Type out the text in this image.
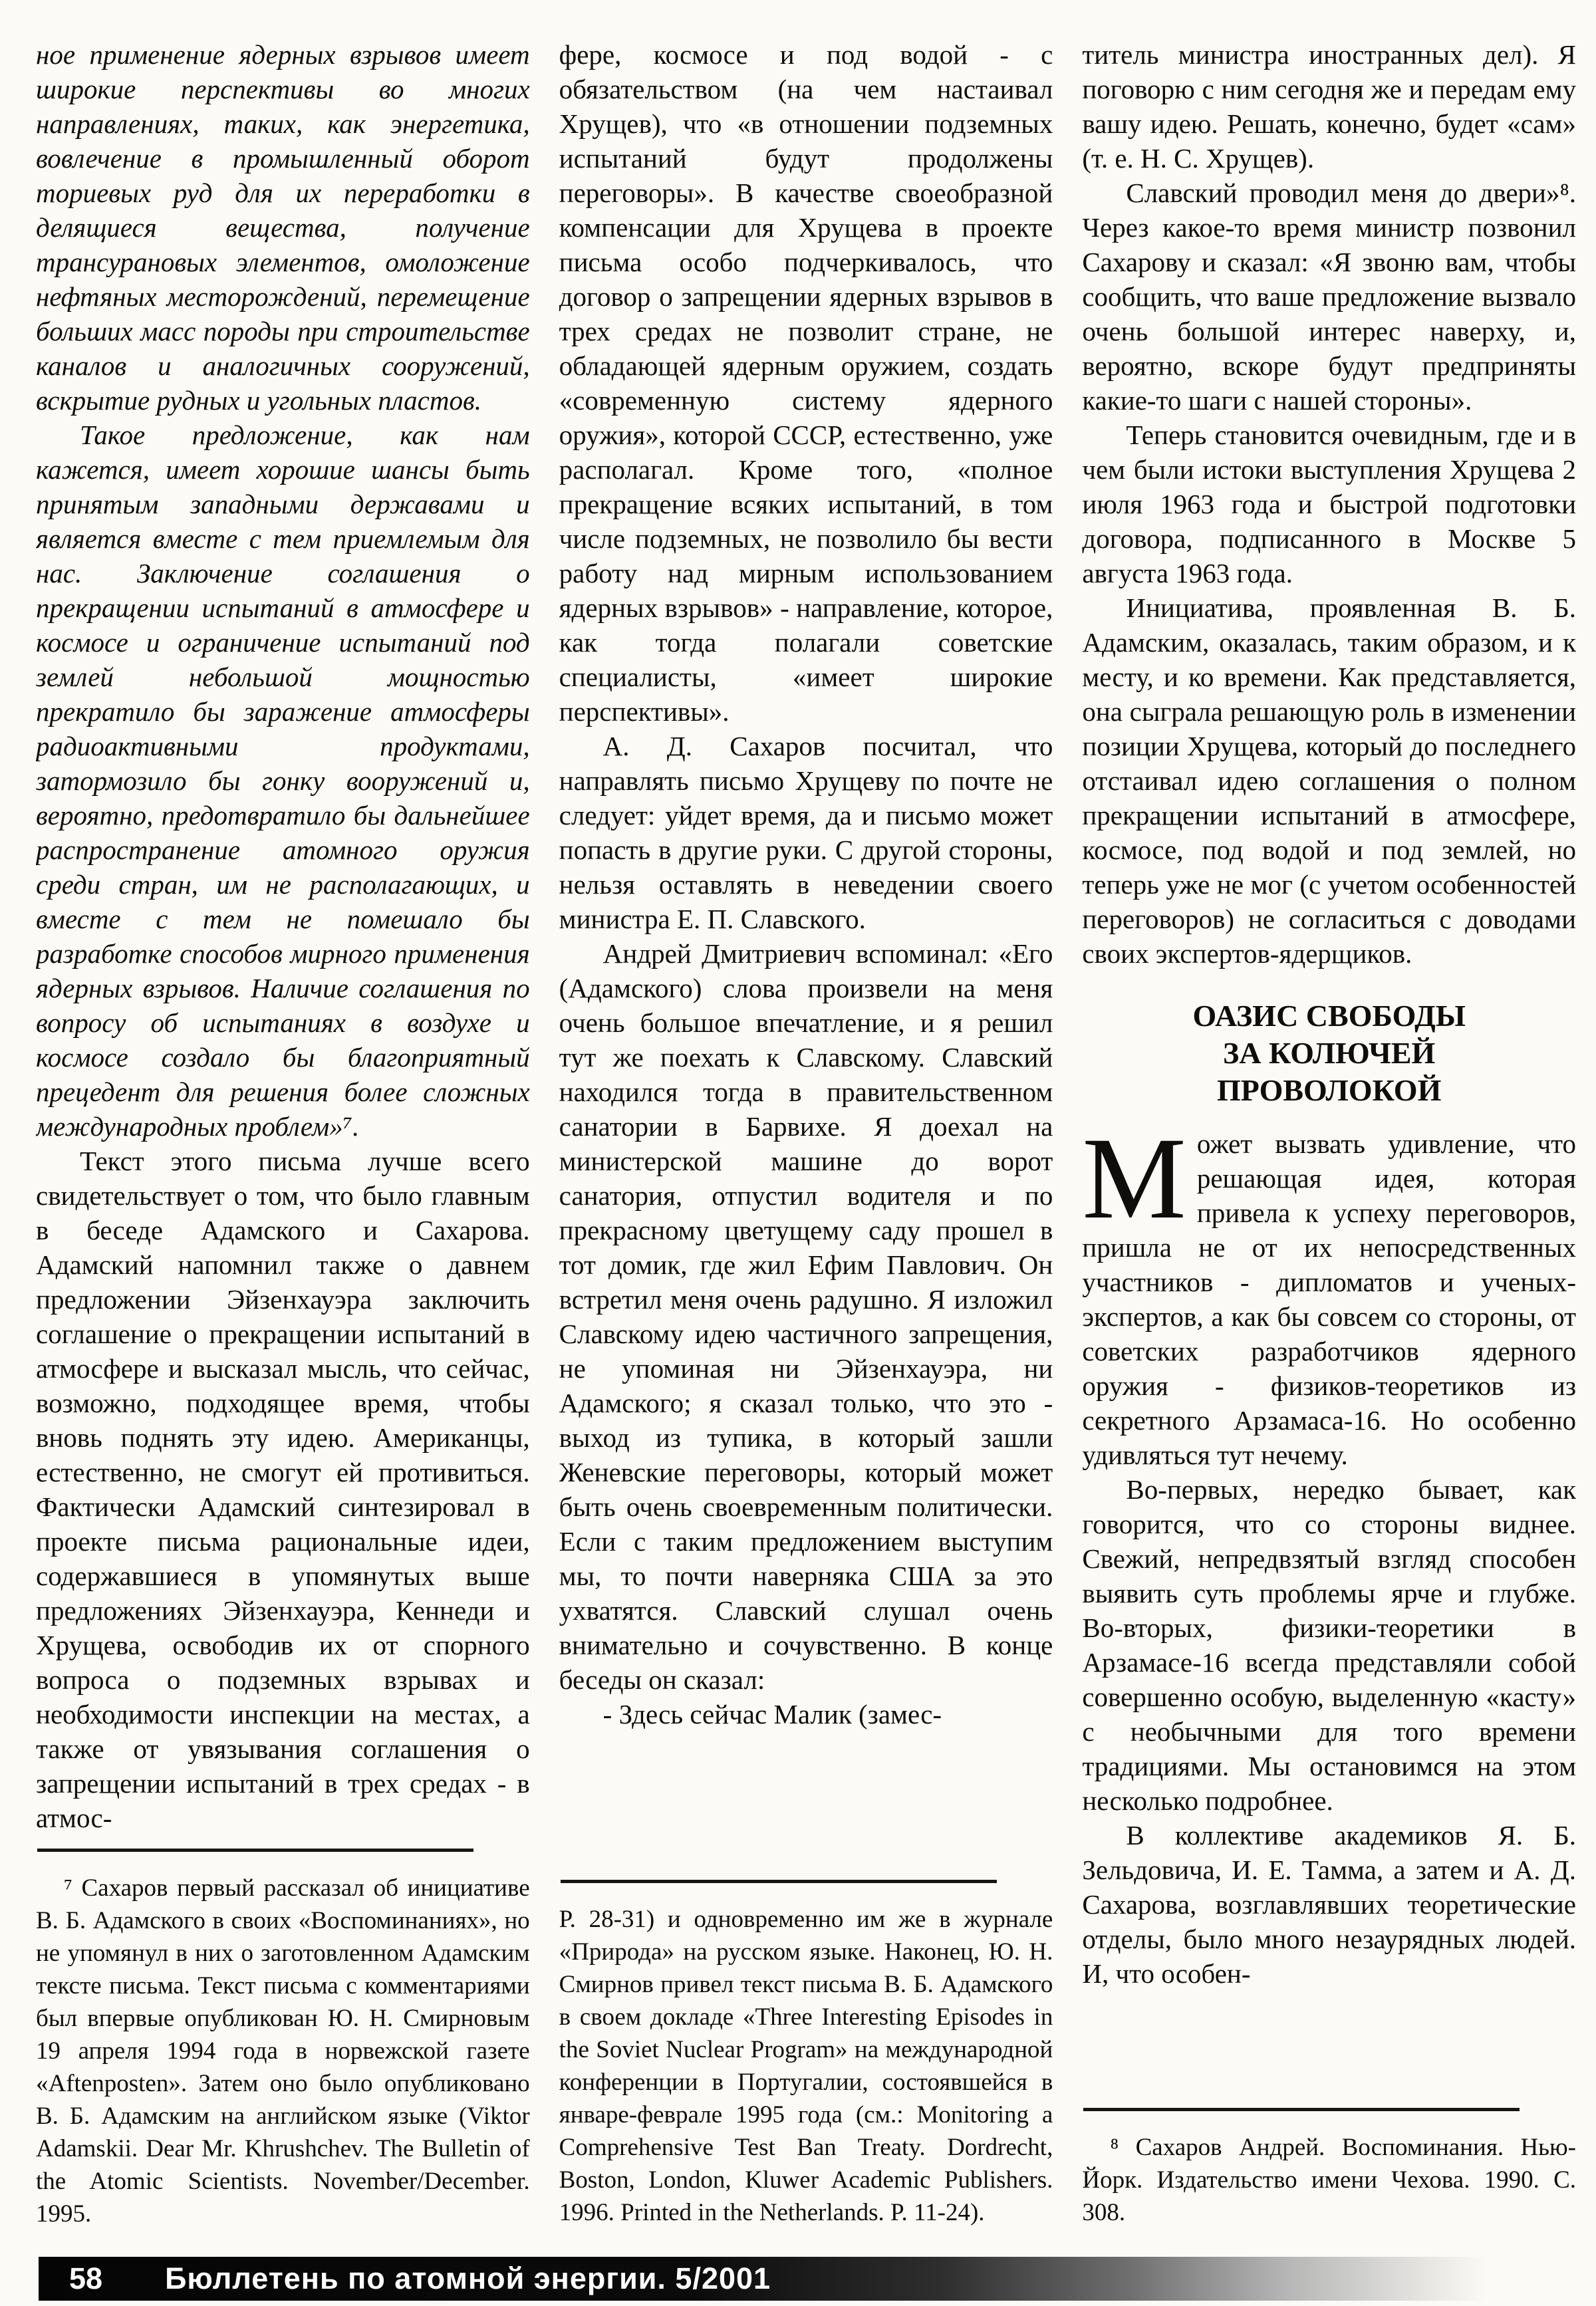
ное применение ядерных взрывов имеет широкие перспективы во многих направлениях, таких, как энергетика, вовлечение в промышленный оборот ториевых руд для их переработки в делящиеся вещества, получение трансурановых элементов, омоложение нефтяных месторождений, перемещение больших масс породы при строительстве каналов и аналогичных сооружений, вскрытие рудных и угольных пластов.

Такое предложение, как нам кажется, имеет хорошие шансы быть принятым западными державами и является вместе с тем приемлемым для нас. Заключение соглашения о прекращении испытаний в атмосфере и космосе и ограничение испытаний под землей небольшой мощностью прекратило бы заражение атмосферы радиоактивными продуктами, затормозило бы гонку вооружений и, вероятно, предотвратило бы дальнейшее распространение атомного оружия среди стран, им не располагающих, и вместе с тем не помешало бы разработке способов мирного применения ядерных взрывов. Наличие соглашения по вопросу об испытаниях в воздухе и космосе создало бы благоприятный прецедент для решения более сложных международных проблем»⁷.

Текст этого письма лучше всего свидетельствует о том, что было главным в беседе Адамского и Сахарова. Адамский напомнил также о давнем предложении Эйзенхауэра заключить соглашение о прекращении испытаний в атмосфере и высказал мысль, что сейчас, возможно, подходящее время, чтобы вновь поднять эту идею. Американцы, естественно, не смогут ей противиться. Фактически Адамский синтезировал в проекте письма рациональные идеи, содержавшиеся в упомянутых выше предложениях Эйзенхауэра, Кеннеди и Хрущева, освободив их от спорного вопроса о подземных взрывах и необходимости инспекции на местах, а также от увязывания соглашения о запрещении испытаний в трех средах - в атмос-

⁷ Сахаров первый рассказал об инициативе В. Б. Адамского в своих «Воспоминаниях», но не упомянул в них о заготовленном Адамским тексте письма. Текст письма с комментариями был впервые опубликован Ю. Н. Смирновым 19 апреля 1994 года в норвежской газете «Aftenposten». Затем оно было опубликовано В. Б. Адамским на английском языке (Viktor Adamskii. Dear Mr. Khrushchev. The Bulletin of the Atomic Scientists. November/December. 1995.

фере, космосе и под водой - с обязательством (на чем настаивал Хрущев), что «в отношении подземных испытаний будут продолжены переговоры». В качестве своеобразной компенсации для Хрущева в проекте письма особо подчеркивалось, что договор о запрещении ядерных взрывов в трех средах не позволит стране, не обладающей ядерным оружием, создать «современную систему ядерного оружия», которой СССР, естественно, уже располагал. Кроме того, «полное прекращение всяких испытаний, в том числе подземных, не позволило бы вести работу над мирным использованием ядерных взрывов» - направление, которое, как тогда полагали советские специалисты, «имеет широкие перспективы».

А. Д. Сахаров посчитал, что направлять письмо Хрущеву по почте не следует: уйдет время, да и письмо может попасть в другие руки. С другой стороны, нельзя оставлять в неведении своего министра Е. П. Славского.

Андрей Дмитриевич вспоминал: «Его (Адамского) слова произвели на меня очень большое впечатление, и я решил тут же поехать к Славскому. Славский находился тогда в правительственном санатории в Барвихе. Я доехал на министерской машине до ворот санатория, отпустил водителя и по прекрасному цветущему саду прошел в тот домик, где жил Ефим Павлович. Он встретил меня очень радушно. Я изложил Славскому идею частичного запрещения, не упоминая ни Эйзенхауэра, ни Адамского; я сказал только, что это - выход из тупика, в который зашли Женевские переговоры, который может быть очень своевременным политически. Если с таким предложением выступим мы, то почти наверняка США за это ухватятся. Славский слушал очень внимательно и сочувственно. В конце беседы он сказал:

- Здесь сейчас Малик (замес-

Р. 28-31) и одновременно им же в журнале «Природа» на русском языке. Наконец, Ю. Н. Смирнов привел текст письма В. Б. Адамского в своем докладе «Three Interesting Episodes in the Soviet Nuclear Program» на международной конференции в Португалии, состоявшейся в январе-феврале 1995 года (см.: Monitoring a Comprehensive Test Ban Treaty. Dordrecht, Boston, London, Kluwer Academic Publishers. 1996. Printed in the Netherlands. P. 11-24).

титель министра иностранных дел). Я поговорю с ним сегодня же и передам ему вашу идею. Решать, конечно, будет «сам» (т. е. Н. С. Хрущев).

Славский проводил меня до двери»⁸. Через какое-то время министр позвонил Сахарову и сказал: «Я звоню вам, чтобы сообщить, что ваше предложение вызвало очень большой интерес наверху, и, вероятно, вскоре будут предприняты какие-то шаги с нашей стороны».

Теперь становится очевидным, где и в чем были истоки выступления Хрущева 2 июля 1963 года и быстрой подготовки договора, подписанного в Москве 5 августа 1963 года.

Инициатива, проявленная В. Б. Адамским, оказалась, таким образом, и к месту, и ко времени. Как представляется, она сыграла решающую роль в изменении позиции Хрущева, который до последнего отстаивал идею соглашения о полном прекращении испытаний в атмосфере, космосе, под водой и под землей, но теперь уже не мог (с учетом особенностей переговоров) не согласиться с доводами своих экспертов-ядерщиков.

ОАЗИС СВОБОДЫ
ЗА КОЛЮЧЕЙ
ПРОВОЛОКОЙ

Может вызвать удивление, что решающая идея, которая привела к успеху переговоров, пришла не от их непосредственных участников - дипломатов и ученых-экспертов, а как бы совсем со стороны, от советских разработчиков ядерного оружия - физиков-теоретиков из секретного Арзамаса-16. Но особенно удивляться тут нечему.

Во-первых, нередко бывает, как говорится, что со стороны виднее. Свежий, непредвзятый взгляд способен выявить суть проблемы ярче и глубже. Во-вторых, физики-теоретики в Арзамасе-16 всегда представляли собой совершенно особую, выделенную «касту» с необычными для того времени традициями. Мы остановимся на этом несколько подробнее.

В коллективе академиков Я. Б. Зельдовича, И. Е. Тамма, а затем и А. Д. Сахарова, возглавлявших теоретические отделы, было много незаурядных людей. И, что особен-

⁸ Сахаров Андрей. Воспоминания. Нью-Йорк. Издательство имени Чехова. 1990. С. 308.

58 Бюллетень по атомной энергии. 5/2001
